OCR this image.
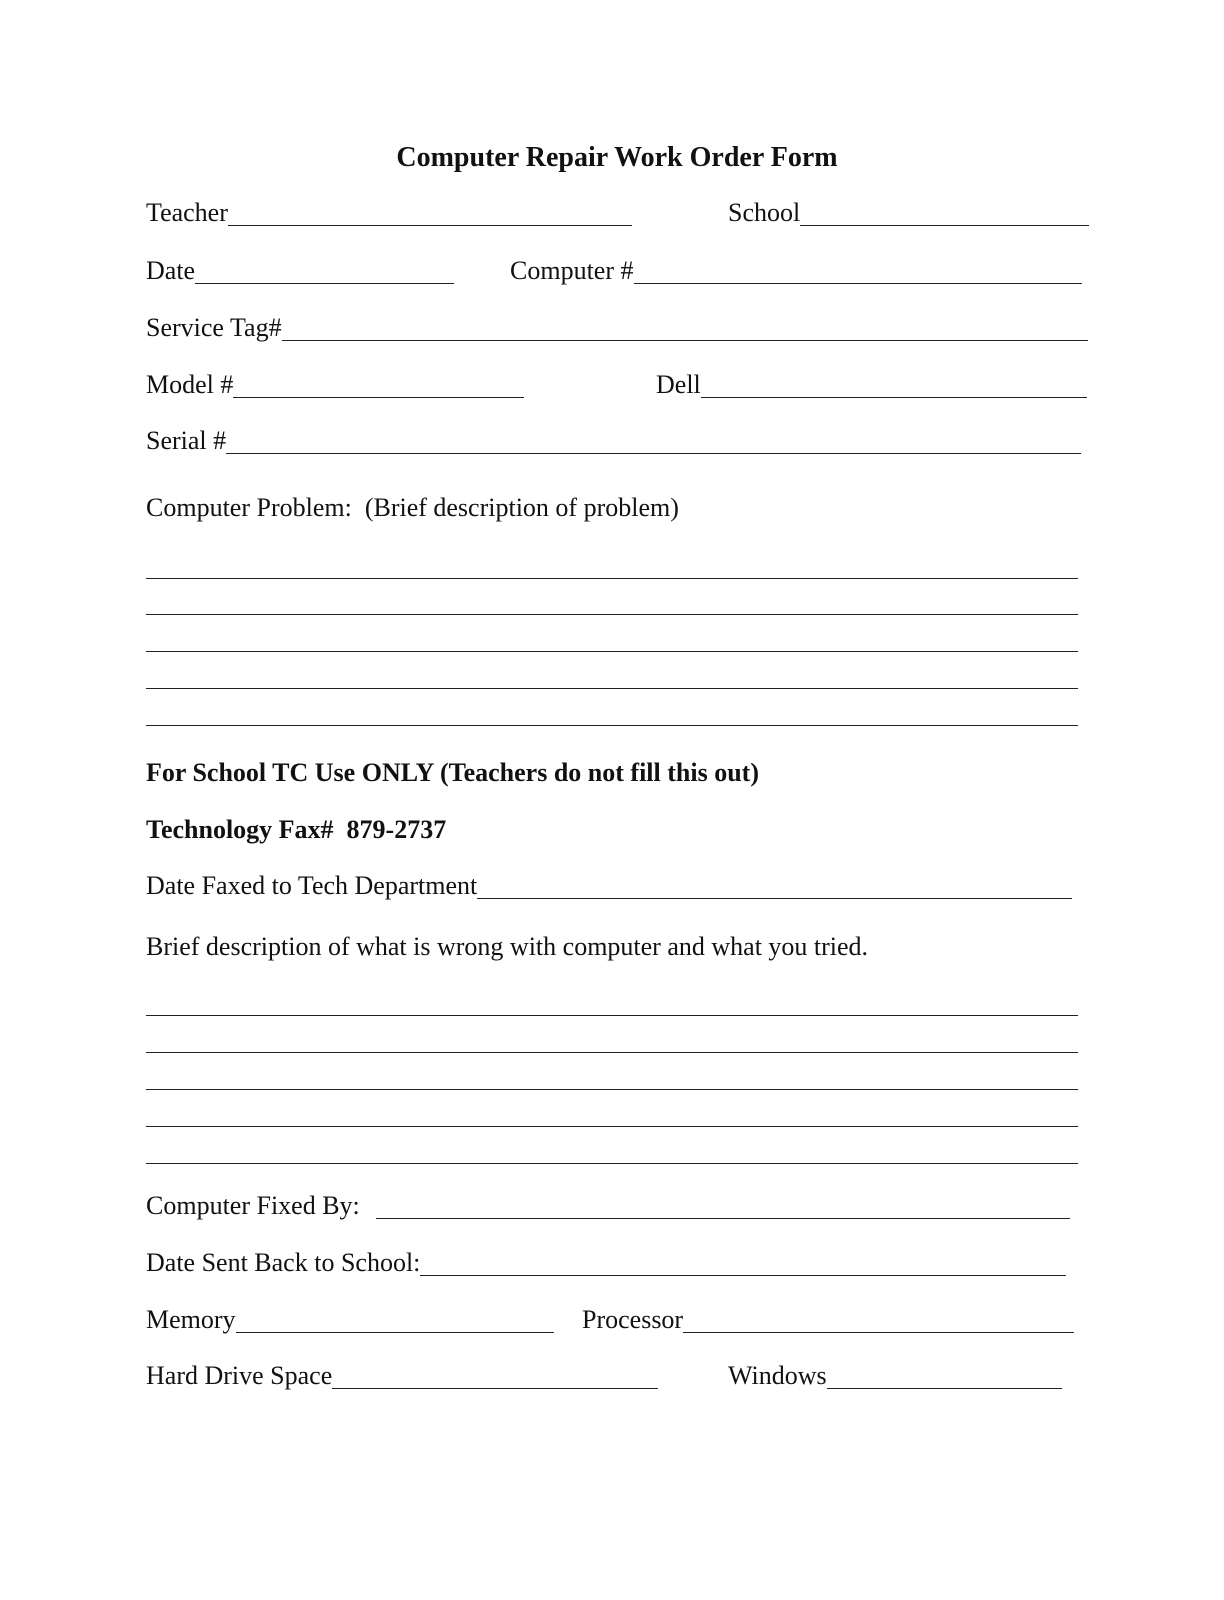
Computer Repair Work Order Form
Teacher	School
Date	Computer #
Service Tag#
Model #	Dell
Serial #
Computer Problem:  (Brief description of problem)
For School TC Use ONLY (Teachers do not fill this out)
Technology Fax#  879-2737
Date Faxed to Tech Department
Brief description of what is wrong with computer and what you tried.
Computer Fixed By:
Date Sent Back to School:
Memory	Processor
Hard Drive Space	Windows
